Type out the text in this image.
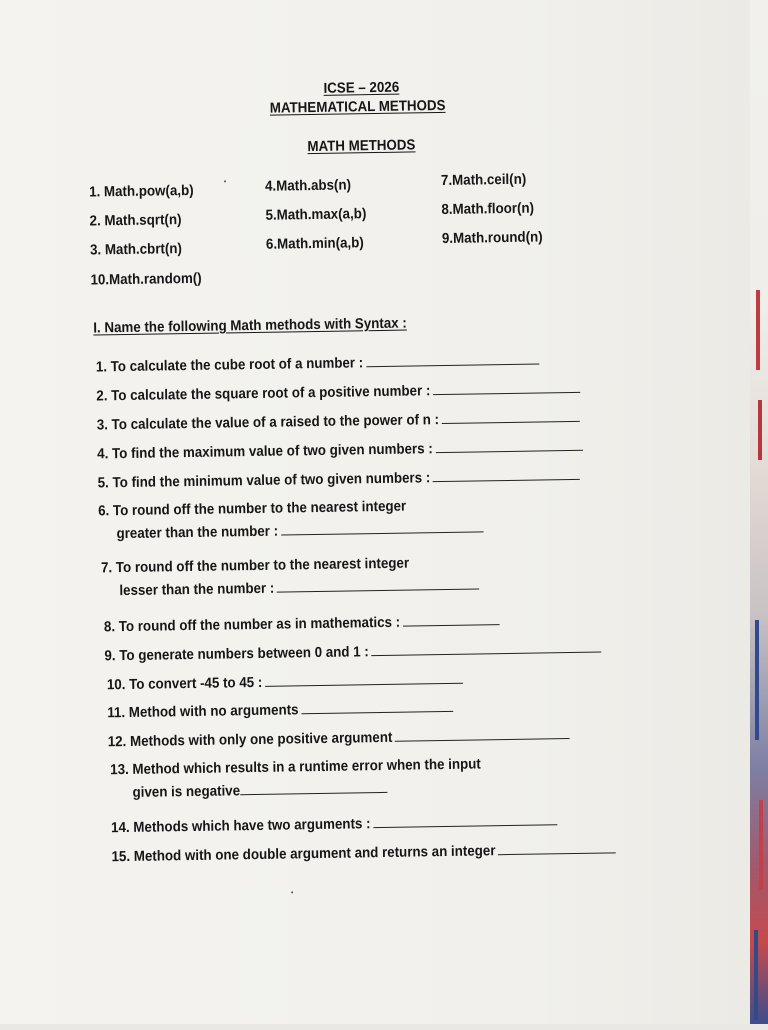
ICSE – 2026
MATHEMATICAL METHODS
MATH METHODS
1. Math.pow(a,b)
2. Math.sqrt(n)
3. Math.cbrt(n)
4.Math.abs(n)
5.Math.max(a,b)
6.Math.min(a,b)
7.Math.ceil(n)
8.Math.floor(n)
9.Math.round(n)
10.Math.random()
I. Name the following Math methods with Syntax :
1. To calculate the cube root of a number :
2. To calculate the square root of a positive number :
3. To calculate the value of a raised to the power of n :
4. To find the maximum value of two given numbers :
5. To find the minimum value of two given numbers :
6. To round off the number to the nearest integer
greater than the number :
7. To round off the number to the nearest integer
lesser than the number :
8. To round off the number as in mathematics :
9. To generate numbers between 0 and 1 :
10. To convert -45 to 45 :
11. Method with no arguments
12. Methods with only one positive argument
13. Method which results in a runtime error when the input
given is negative
14. Methods which have two arguments :
15. Method with one double argument and returns an integer
